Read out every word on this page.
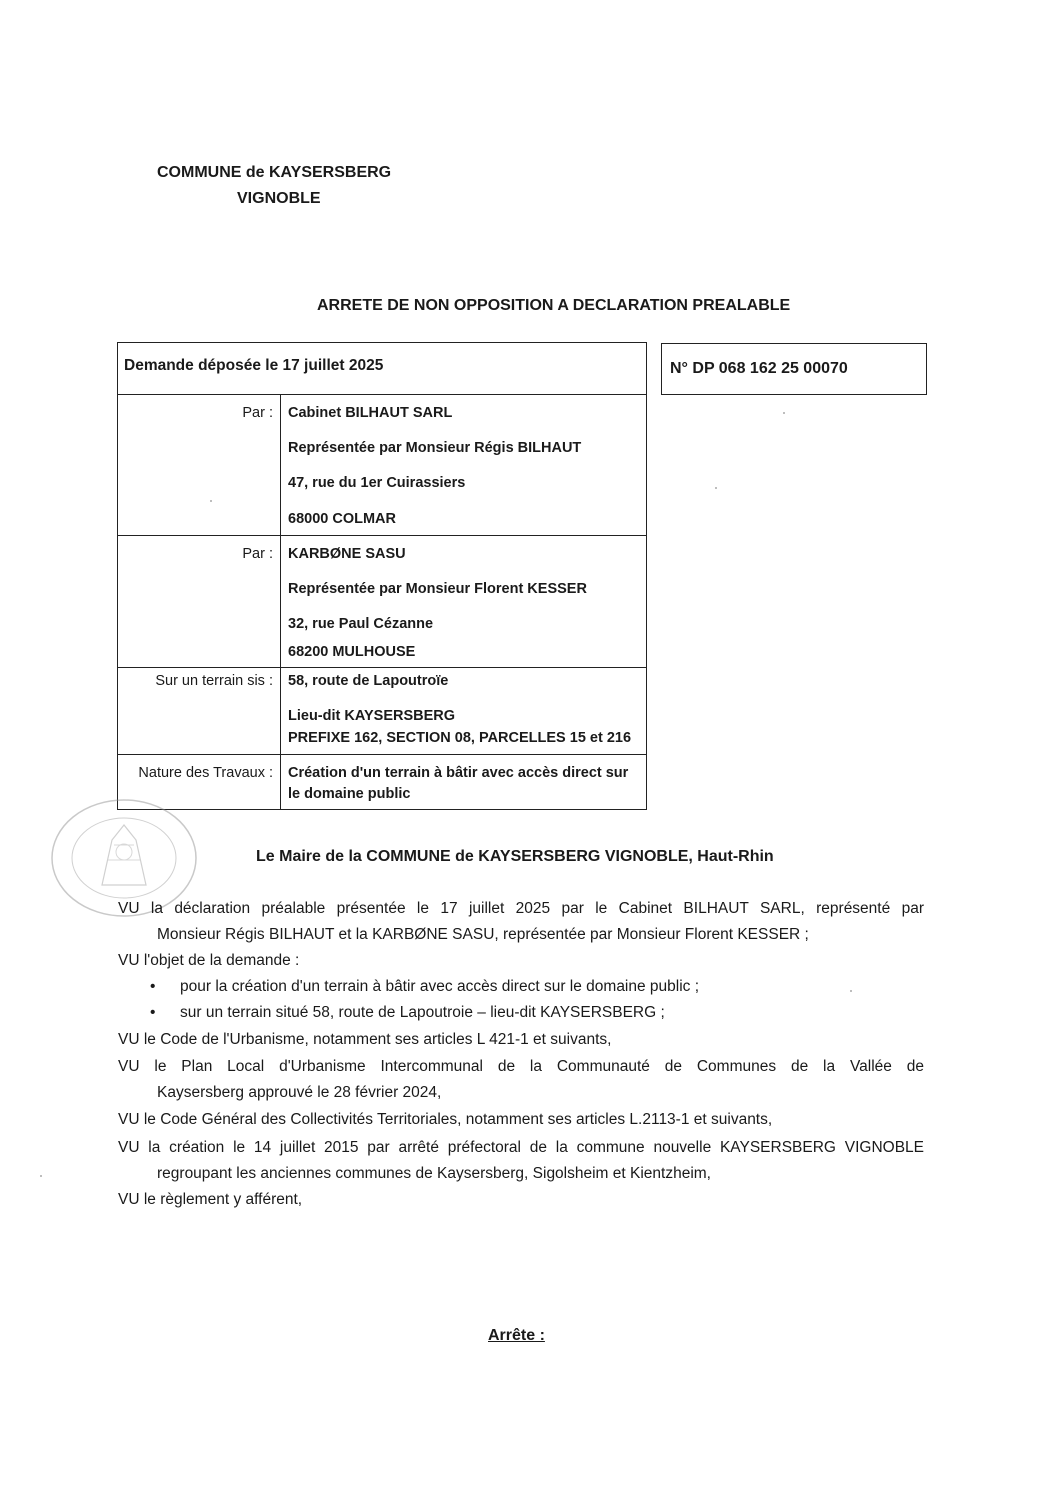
COMMUNE de KAYSERSBERG
VIGNOBLE
ARRETE DE NON OPPOSITION A DECLARATION PREALABLE
Demande déposée le 17 juillet 2025
Par : Cabinet BILHAUT SARL
Représentée par Monsieur Régis BILHAUT
47, rue du 1er Cuirassiers
68000 COLMAR
Par : KARBØNE SASU
Représentée par Monsieur Florent KESSER
32, rue Paul Cézanne
68200 MULHOUSE
Sur un terrain sis : 58, route de Lapoutroïe
Lieu-dit KAYSERSBERG
PREFIXE 162, SECTION 08, PARCELLES 15 et 216
Nature des Travaux : Création d'un terrain à bâtir avec accès direct sur
le domaine public
N° DP 068 162 25 00070
Le Maire de la COMMUNE de KAYSERSBERG VIGNOBLE, Haut-Rhin
VU la déclaration préalable présentée le 17 juillet 2025 par le Cabinet BILHAUT SARL, représenté par
Monsieur Régis BILHAUT et la KARBØNE SASU, représentée par Monsieur Florent KESSER ;
VU l'objet de la demande :
• pour la création d'un terrain à bâtir avec accès direct sur le domaine public ;
• sur un terrain situé 58, route de Lapoutroie – lieu-dit KAYSERSBERG ;
VU le Code de l'Urbanisme, notamment ses articles L 421-1 et suivants,
VU le Plan Local d'Urbanisme Intercommunal de la Communauté de Communes de la Vallée de
Kaysersberg approuvé le 28 février 2024,
VU le Code Général des Collectivités Territoriales, notamment ses articles L.2113-1 et suivants,
VU la création le 14 juillet 2015 par arrêté préfectoral de la commune nouvelle KAYSERSBERG VIGNOBLE
regroupant les anciennes communes de Kaysersberg, Sigolsheim et Kientzheim,
VU le règlement y afférent,
Arrête :
